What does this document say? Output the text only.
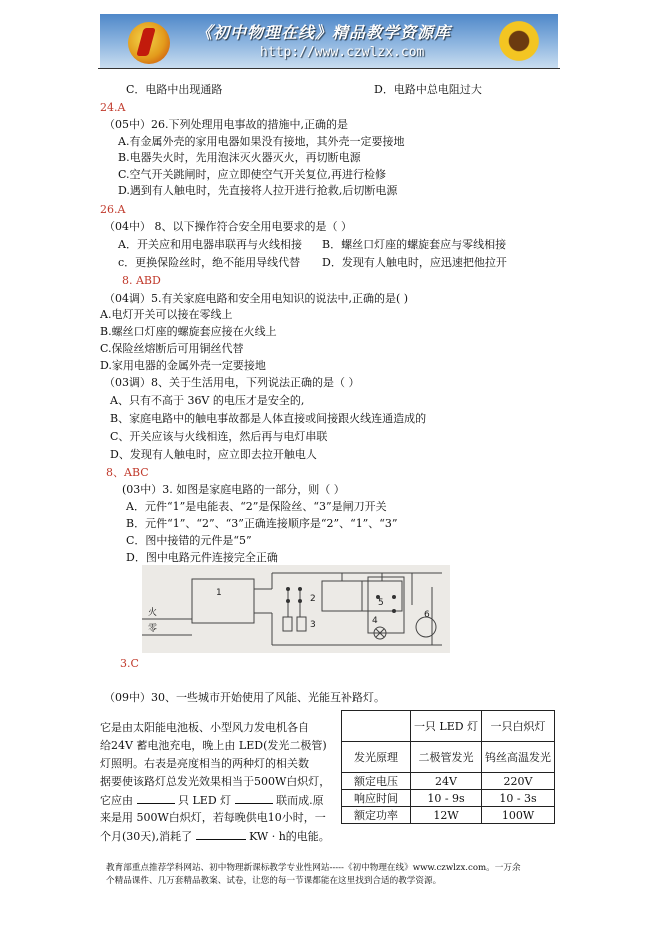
《初中物理在线》精品教学资源库
http://www.czwlzx.com
C．电路中出现通路	D．电路中总电阻过大
24.A
（05中）26.下列处理用电事故的措施中,正确的是
A.有金属外壳的家用电器如果没有接地，其外壳一定要接地
B.电器失火时，先用泡沫灭火器灭火，再切断电源
C.空气开关跳闸时，应立即使空气开关复位,再进行检修
D.遇到有人触电时，先直接将人拉开进行抢救,后切断电源
26.A
（04中） 8、以下操作符合安全用电要求的是（ ）
A．开关应和用电器串联再与火线相接 B．螺丝口灯座的螺旋套应与零线相接
c．更换保险丝时，绝不能用导线代替 D．发现有人触电时，应迅速把他拉开
8. ABD
（04调）5.有关家庭电路和安全用电知识的说法中,正确的是( )
A.电灯开关可以接在零线上
B.螺丝口灯座的螺旋套应接在火线上
C.保险丝熔断后可用铜丝代替
D.家用电器的金属外壳一定要接地
（03调）8、关于生活用电，下列说法正确的是（ ）
A、只有不高于 36V 的电压才是安全的,
B、家庭电路中的触电事故都是人体直接或间接跟火线连通造成的
C、开关应该与火线相连，然后再与电灯串联
D、发现有人触电时，应立即去拉开触电人
8、ABC
(03中）3. 如图是家庭电路的一部分，则（ ）
A．元件“1”是电能表、“2”是保险丝、“3”是闸刀开关
B．元件“1”、“2”、“3”正确连接顺序是“2”、“1”、“3”
C．图中接错的元件是“5”
D．图中电路元件连接完全正确
火
零
1
2
3	4
5
6
3.C
（09中）30、一些城市开始使用了风能、光能互补路灯。
它是由太阳能电池板、小型风力发电机各自
给24V 蓄电池充电，晚上由 LED(发光二极管)
灯照明。右表是亮度相当的两种灯的相关数
据要使该路灯总发光效果相当于500W白炽灯，
它应由	只 LED 灯	联而成.原
来是用 500W白炽灯，若每晚供电10小时，一
个月(30天),消耗了	KW · h的电能。
	一只 LED 灯	一只白炽灯
发光原理	二极管发光	钨丝高温发光
额定电压	24V	220V
响应时间	10 - 9s	10 - 3s
额定功率	12W	100W
教育部重点推荐学科网站、初中物理新课标教学专业性网站-----《初中物理在线》www.czwlzx.com。一万余
个精品课件、几万套精品教案、试卷，让您的每一节课都能在这里找到合适的教学资源。
